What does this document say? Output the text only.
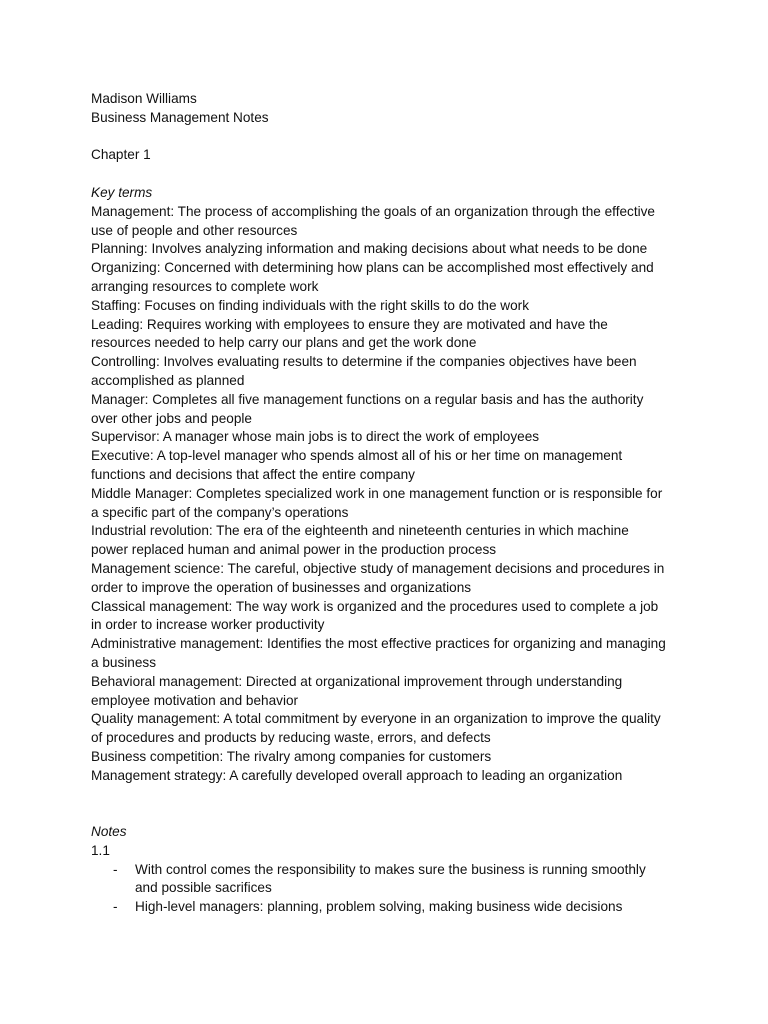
Madison Williams

Business Management Notes

Chapter 1

Key terms

Management: The process of accomplishing the goals of an organization through the effective

use of people and other resources

Planning: Involves analyzing information and making decisions about what needs to be done

Organizing: Concerned with determining how plans can be accomplished most effectively and

arranging resources to complete work

Staffing: Focuses on finding individuals with the right skills to do the work

Leading: Requires working with employees to ensure they are motivated and have the

resources needed to help carry our plans and get the work done

Controlling: Involves evaluating results to determine if the companies objectives have been

accomplished as planned

Manager: Completes all five management functions on a regular basis and has the authority

over other jobs and people

Supervisor: A manager whose main jobs is to direct the work of employees

Executive: A top-level manager who spends almost all of his or her time on management

functions and decisions that affect the entire company

Middle Manager: Completes specialized work in one management function or is responsible for

a specific part of the company’s operations

Industrial revolution: The era of the eighteenth and nineteenth centuries in which machine

power replaced human and animal power in the production process

Management science: The careful, objective study of management decisions and procedures in

order to improve the operation of businesses and organizations

Classical management: The way work is organized and the procedures used to complete a job

in order to increase worker productivity

Administrative management: Identifies the most effective practices for organizing and managing

a business

Behavioral management: Directed at organizational improvement through understanding

employee motivation and behavior

Quality management: A total commitment by everyone in an organization to improve the quality

of procedures and products by reducing waste, errors, and defects

Business competition: The rivalry among companies for customers

Management strategy: A carefully developed overall approach to leading an organization

Notes

1.1

- With control comes the responsibility to makes sure the business is running smoothly
and possible sacrifices
- High-level managers: planning, problem solving, making business wide decisions
